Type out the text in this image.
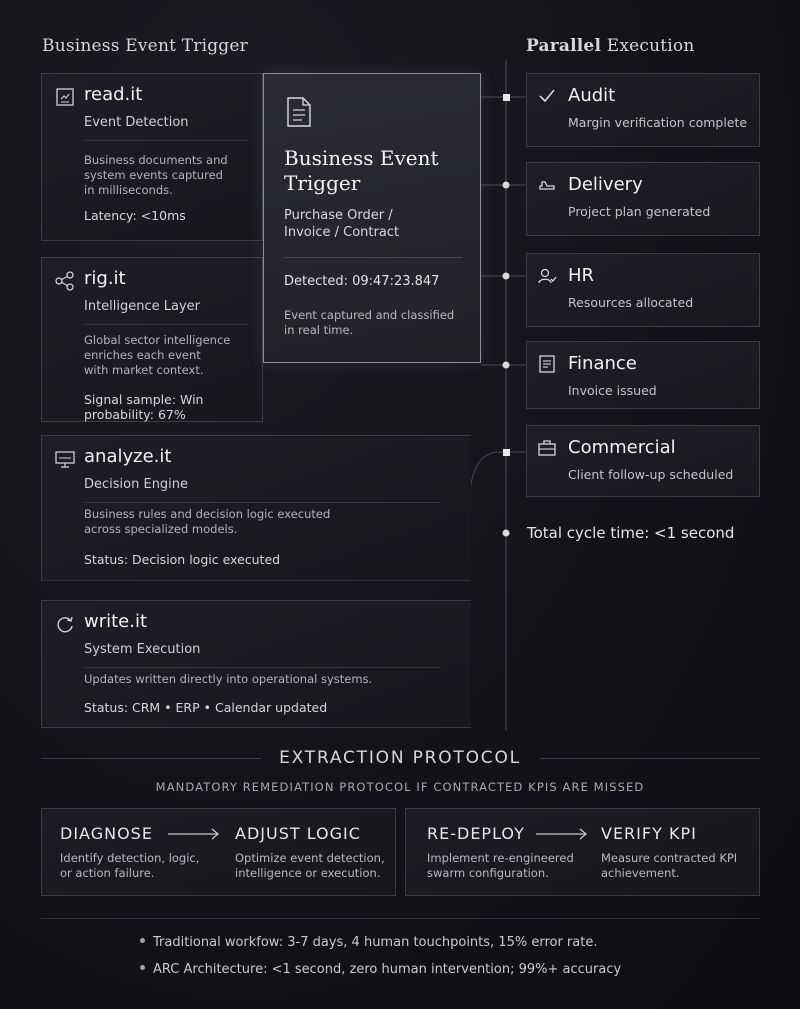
Business Event Trigger	Parallel Execution
read.it
Event Detection
Business documents and
system events captured
in milliseconds.
Latency: <10ms
rig.it
Intelligence Layer
Global sector intelligence
enriches each event
with market context.
Signal sample: Win probability: 67%
analyze.it
Decision Engine
Business rules and decision logic executed
across specialized models.
Status: Decision logic executed
write.it
System Execution
Updates written directly into operational systems.
Status: CRM • ERP • Calendar updated
Business Event
Trigger
Purchase Order /
Invoice / Contract
Detected: 09:47:23.847
Event captured and classified
in real time.
Audit
Margin verification complete
Delivery
Project plan generated
HR
Resources allocated
Finance
Invoice issued
Commercial
Client follow-up scheduled
Total cycle time: <1 second
EXTRACTION PROTOCOL
MANDATORY REMEDIATION PROTOCOL IF CONTRACTED KPIS ARE MISSED
DIAGNOSE	ADJUST LOGIC
Identify detection, logic,
or action failure.
Optimize event detection,
intelligence or execution.
RE-DEPLOY	VERIFY KPI
Implement re-engineered
swarm configuration.
Measure contracted KPI
achievement.
Traditional workfow: 3-7 days, 4 human touchpoints, 15% error rate.
ARC Architecture: <1 second, zero human intervention; 99%+ accuracy
